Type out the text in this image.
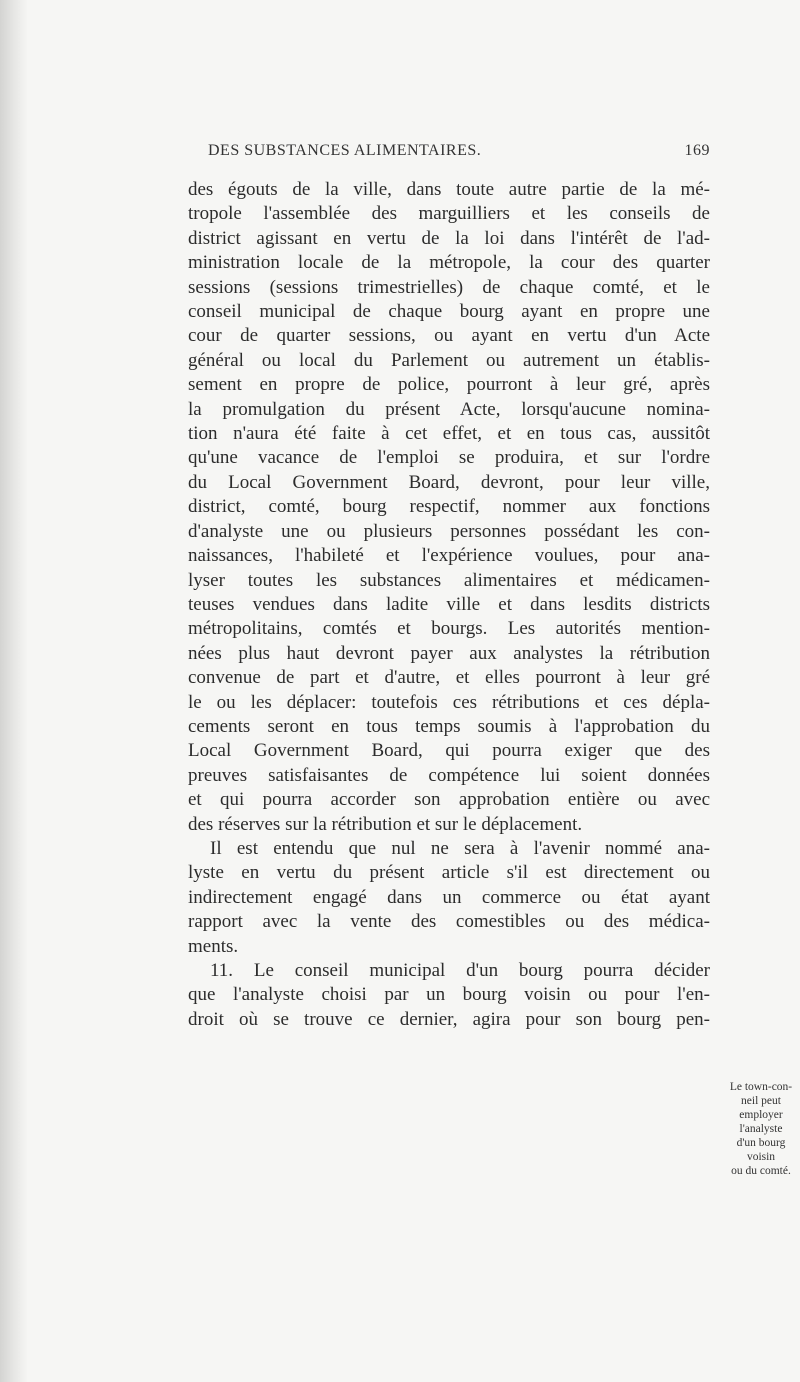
DES SUBSTANCES ALIMENTAIRES.	169
des égouts de la ville, dans toute autre partie de la mé-
tropole l'assemblée des marguilliers et les conseils de
district agissant en vertu de la loi dans l'intérêt de l'ad-
ministration locale de la métropole, la cour des quarter
sessions (sessions trimestrielles) de chaque comté, et le
conseil municipal de chaque bourg ayant en propre une
cour de quarter sessions, ou ayant en vertu d'un Acte
général ou local du Parlement ou autrement un établis-
sement en propre de police, pourront à leur gré, après
la promulgation du présent Acte, lorsqu'aucune nomina-
tion n'aura été faite à cet effet, et en tous cas, aussitôt
qu'une vacance de l'emploi se produira, et sur l'ordre
du Local Government Board, devront, pour leur ville,
district, comté, bourg respectif, nommer aux fonctions
d'analyste une ou plusieurs personnes possédant les con-
naissances, l'habileté et l'expérience voulues, pour ana-
lyser toutes les substances alimentaires et médicamen-
teuses vendues dans ladite ville et dans lesdits districts
métropolitains, comtés et bourgs. Les autorités mention-
nées plus haut devront payer aux analystes la rétribution
convenue de part et d'autre, et elles pourront à leur gré
le ou les déplacer: toutefois ces rétributions et ces dépla-
cements seront en tous temps soumis à l'approbation du
Local Government Board, qui pourra exiger que des
preuves satisfaisantes de compétence lui soient données
et qui pourra accorder son approbation entière ou avec
des réserves sur la rétribution et sur le déplacement.
Il est entendu que nul ne sera à l'avenir nommé ana-
lyste en vertu du présent article s'il est directement ou
indirectement engagé dans un commerce ou état ayant
rapport avec la vente des comestibles ou des médica-
ments.
11. Le conseil municipal d'un bourg pourra décider
que l'analyste choisi par un bourg voisin ou pour l'en-
droit où se trouve ce dernier, agira pour son bourg pen-
Le town-con-
neil peut
employer
l'analyste
d'un bourg
voisin
ou du comté.
